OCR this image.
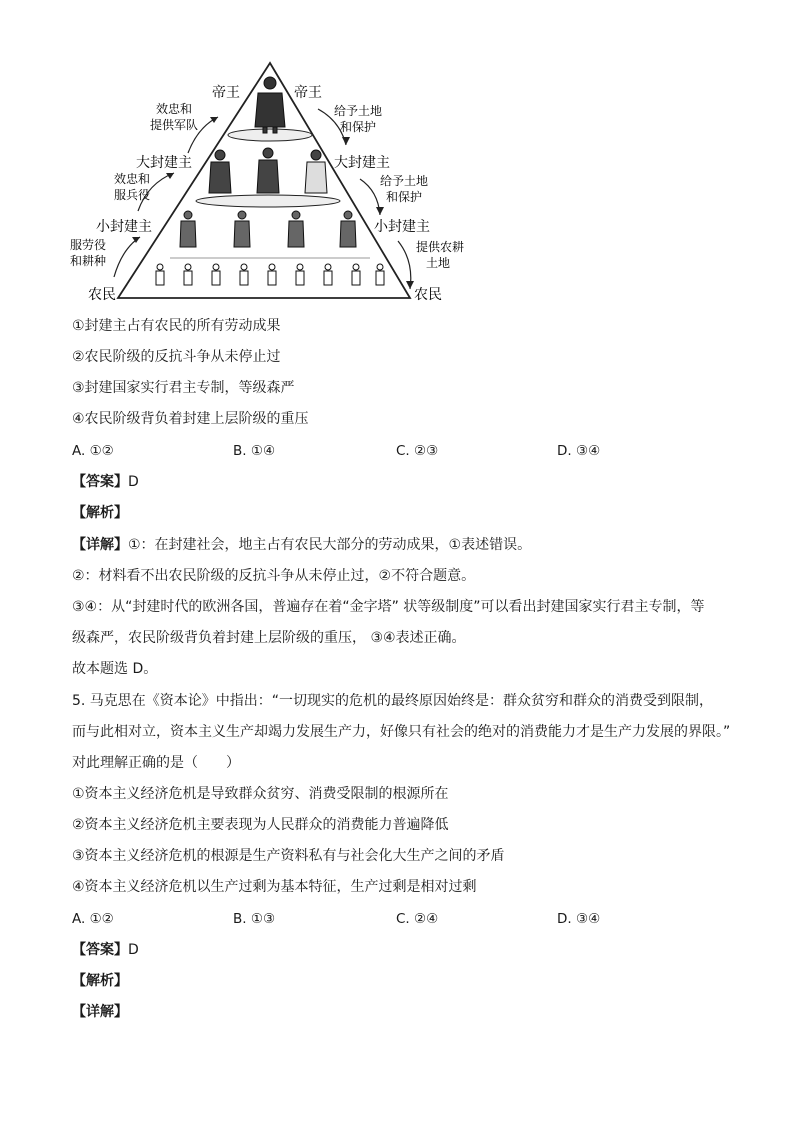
帝王	帝王
大封建主	大封建主
小封建主	小封建主
农民	农民
效忠和
提供军队
效忠和
服兵役
服劳役
和耕种
给予土地
和保护
给予土地
和保护
提供农耕
土地
①封建主占有农民的所有劳动成果
②农民阶级的反抗斗争从未停止过
③封建国家实行君主专制，等级森严
④农民阶级背负着封建上层阶级的重压
A. ①②	B. ①④	C. ②③	D. ③④
【答案】D
【解析】
【详解】①：在封建社会，地主占有农民大部分的劳动成果，①表述错误。
②：材料看不出农民阶级的反抗斗争从未停止过，②不符合题意。
③④：从“封建时代的欧洲各国，普遍存在着“金字塔” 状等级制度”可以看出封建国家实行君主专制，等
级森严，农民阶级背负着封建上层阶级的重压， ③④表述正确。
故本题选 D。
5. 马克思在《资本论》中指出：“一切现实的危机的最终原因始终是：群众贫穷和群众的消费受到限制，
而与此相对立，资本主义生产却竭力发展生产力，好像只有社会的绝对的消费能力才是生产力发展的界限。”
对此理解正确的是（　　）
①资本主义经济危机是导致群众贫穷、消费受限制的根源所在
②资本主义经济危机主要表现为人民群众的消费能力普遍降低
③资本主义经济危机的根源是生产资料私有与社会化大生产之间的矛盾
④资本主义经济危机以生产过剩为基本特征，生产过剩是相对过剩
A. ①②	B. ①③	C. ②④	D. ③④
【答案】D
【解析】
【详解】
